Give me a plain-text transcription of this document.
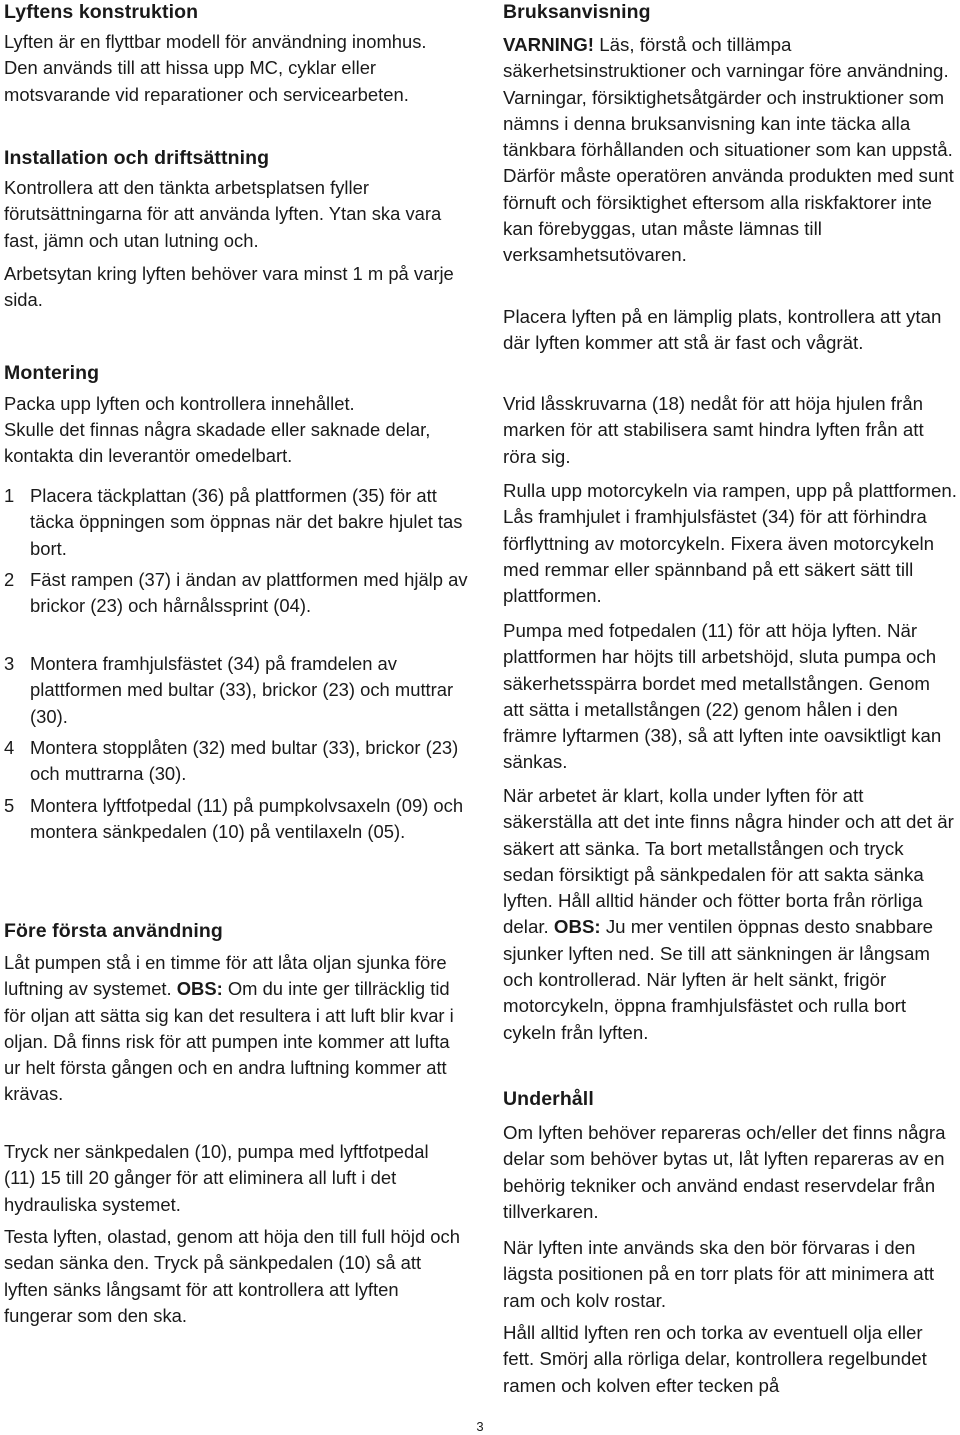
Lyftens konstruktion

Lyften är en flyttbar modell för användning inomhus. Den används till att hissa upp MC, cyklar eller motsvarande vid reparationer och servicearbeten.

Installation och driftsättning

Kontrollera att den tänkta arbetsplatsen fyller förutsättningarna för att använda lyften. Ytan ska vara fast, jämn och utan lutning och.

Arbetsytan kring lyften behöver vara minst 1 m på varje sida.

Montering

Packa upp lyften och kontrollera innehållet.

Skulle det finnas några skadade eller saknade delar, kontakta din leverantör omedelbart.

1 Placera täckplattan (36) på plattformen (35) för att täcka öppningen som öppnas när det bakre hjulet tas bort.
2 Fäst rampen (37) i ändan av plattformen med hjälp av brickor (23) och hårnålssprint (04).
3 Montera framhjulsfästet (34) på framdelen av plattformen med bultar (33), brickor (23) och muttrar (30).
4 Montera stopplåten (32) med bultar (33), brickor (23) och muttrarna (30).
5 Montera lyftfotpedal (11) på pumpkolvsaxeln (09) och montera sänkpedalen (10) på ventilaxeln (05).
Före första användning

Låt pumpen stå i en timme för att låta oljan sjunka före luftning av systemet. OBS: Om du inte ger tillräcklig tid för oljan att sätta sig kan det resultera i att luft blir kvar i oljan. Då finns risk för att pumpen inte kommer att lufta ur helt första gången och en andra luftning kommer att krävas.

Tryck ner sänkpedalen (10), pumpa med lyftfotpedal (11) 15 till 20 gånger för att eliminera all luft i det hydrauliska systemet.

Testa lyften, olastad, genom att höja den till full höjd och sedan sänka den. Tryck på sänkpedalen (10) så att lyften sänks långsamt för att kontrollera att lyften fungerar som den ska.

Bruksanvisning

VARNING! Läs, förstå och tillämpa säkerhetsinstruktioner och varningar före användning. Varningar, försiktighetsåtgärder och instruktioner som nämns i denna bruksanvisning kan inte täcka alla tänkbara förhållanden och situationer som kan uppstå. Därför måste operatören använda produkten med sunt förnuft och försiktighet eftersom alla riskfaktorer inte kan förebyggas, utan måste lämnas till verksamhetsutövaren.

Placera lyften på en lämplig plats, kontrollera att ytan där lyften kommer att stå är fast och vågrät.

Vrid låsskruvarna (18) nedåt för att höja hjulen från marken för att stabilisera samt hindra lyften från att röra sig.

Rulla upp motorcykeln via rampen, upp på plattformen. Lås framhjulet i framhjulsfästet (34) för att förhindra förflyttning av motorcykeln. Fixera även motorcykeln med remmar eller spännband på ett säkert sätt till plattformen.

Pumpa med fotpedalen (11) för att höja lyften. När plattformen har höjts till arbetshöjd, sluta pumpa och säkerhetsspärra bordet med metallstången. Genom att sätta i metallstången (22) genom hålen i den främre lyftarmen (38), så att lyften inte oavsiktligt kan sänkas.

När arbetet är klart, kolla under lyften för att säkerställa att det inte finns några hinder och att det är säkert att sänka. Ta bort metallstången och tryck sedan försiktigt på sänkpedalen för att sakta sänka lyften. Håll alltid händer och fötter borta från rörliga delar. OBS: Ju mer ventilen öppnas desto snabbare sjunker lyften ned. Se till att sänkningen är långsam och kontrollerad. När lyften är helt sänkt, frigör motorcykeln, öppna framhjulsfästet och rulla bort cykeln från lyften.

Underhåll

Om lyften behöver repareras och/eller det finns några delar som behöver bytas ut, låt lyften repareras av en behörig tekniker och använd endast reservdelar från tillverkaren.

När lyften inte används ska den bör förvaras i den lägsta positionen på en torr plats för att minimera att ram och kolv rostar.

Håll alltid lyften ren och torka av eventuell olja eller fett. Smörj alla rörliga delar, kontrollera regelbundet ramen och kolven efter tecken på

3
